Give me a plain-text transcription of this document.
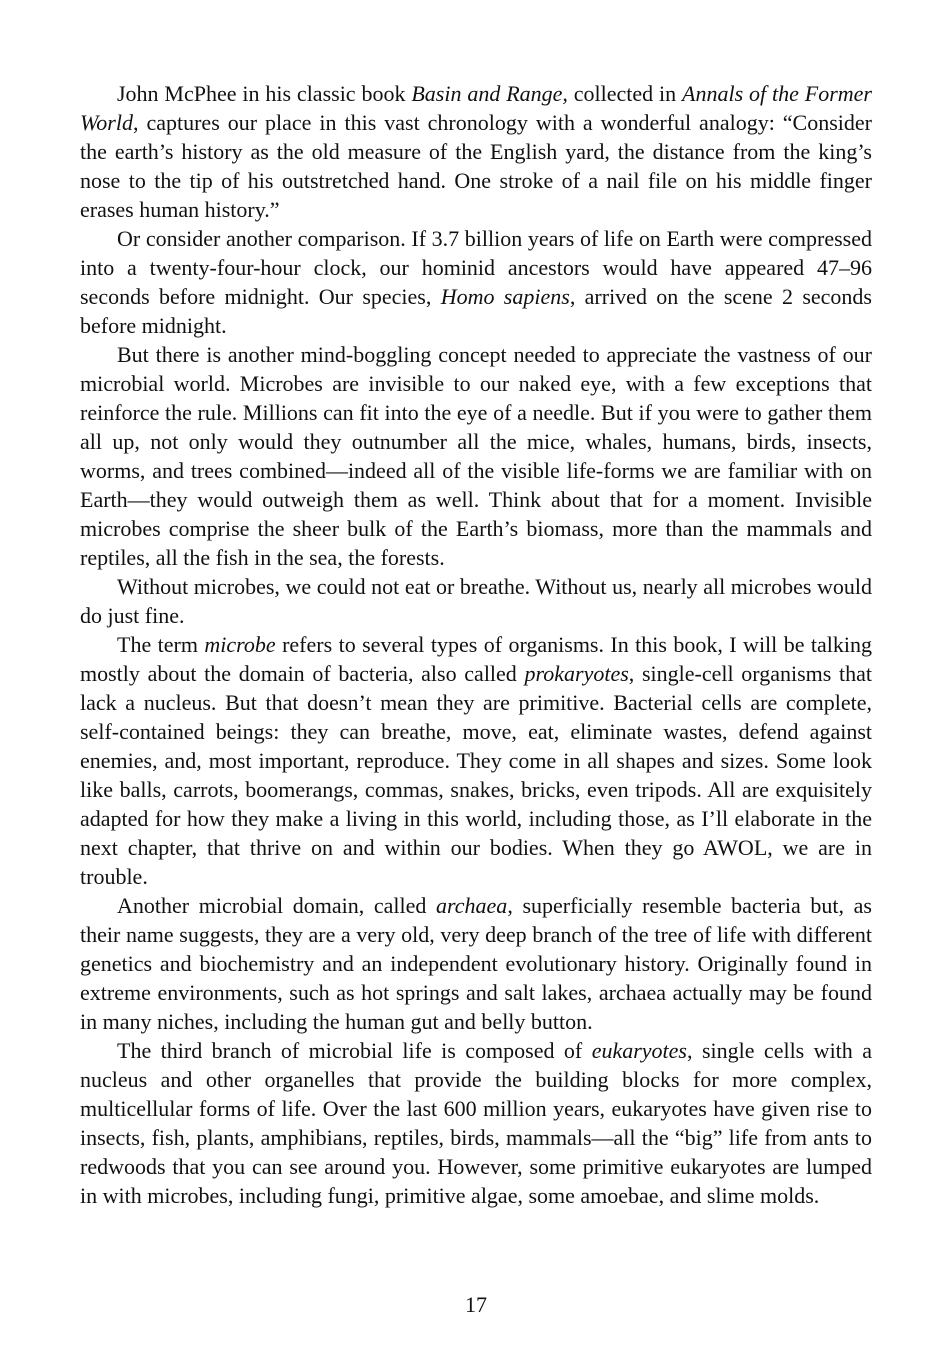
John McPhee in his classic book Basin and Range, collected in Annals of the Former World, captures our place in this vast chronology with a wonderful analogy: “Consider the earth’s history as the old measure of the English yard, the distance from the king’s nose to the tip of his outstretched hand. One stroke of a nail file on his middle finger erases human history.”

Or consider another comparison. If 3.7 billion years of life on Earth were compressed into a twenty-four-hour clock, our hominid ancestors would have appeared 47–96 seconds before midnight. Our species, Homo sapiens, arrived on the scene 2 seconds before midnight.

But there is another mind-boggling concept needed to appreciate the vastness of our microbial world. Microbes are invisible to our naked eye, with a few exceptions that reinforce the rule. Millions can fit into the eye of a needle. But if you were to gather them all up, not only would they outnumber all the mice, whales, humans, birds, insects, worms, and trees combined—indeed all of the visible life-forms we are familiar with on Earth—they would outweigh them as well. Think about that for a moment. Invisible microbes comprise the sheer bulk of the Earth’s biomass, more than the mammals and reptiles, all the fish in the sea, the forests.

Without microbes, we could not eat or breathe. Without us, nearly all microbes would do just fine.

The term microbe refers to several types of organisms. In this book, I will be talking mostly about the domain of bacteria, also called prokaryotes, single-cell organisms that lack a nucleus. But that doesn’t mean they are primitive. Bacterial cells are complete, self-contained beings: they can breathe, move, eat, eliminate wastes, defend against enemies, and, most important, reproduce. They come in all shapes and sizes. Some look like balls, carrots, boomerangs, commas, snakes, bricks, even tripods. All are exquisitely adapted for how they make a living in this world, including those, as I’ll elaborate in the next chapter, that thrive on and within our bodies. When they go AWOL, we are in trouble.

Another microbial domain, called archaea, superficially resemble bacteria but, as their name suggests, they are a very old, very deep branch of the tree of life with different genetics and biochemistry and an independent evolutionary history. Originally found in extreme environments, such as hot springs and salt lakes, archaea actually may be found in many niches, including the human gut and belly button.

The third branch of microbial life is composed of eukaryotes, single cells with a nucleus and other organelles that provide the building blocks for more complex, multicellular forms of life. Over the last 600 million years, eukaryotes have given rise to insects, fish, plants, amphibians, reptiles, birds, mammals—all the “big” life from ants to redwoods that you can see around you. However, some primitive eukaryotes are lumped in with microbes, including fungi, primitive algae, some amoebae, and slime molds.

17
